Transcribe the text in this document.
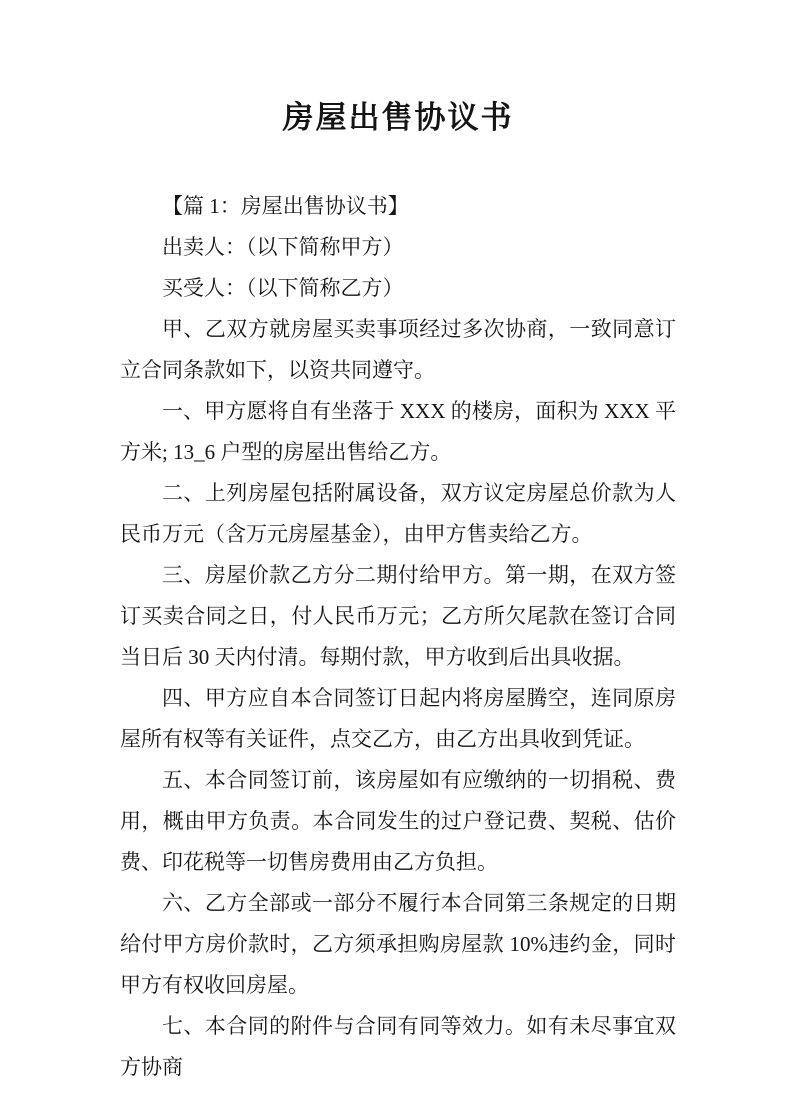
房屋出售协议书

【篇 1：房屋出售协议书】

出卖人：（以下简称甲方）

买受人：（以下简称乙方）

甲、乙双方就房屋买卖事项经过多次协商，一致同意订立合同条款如下，以资共同遵守。

一、甲方愿将自有坐落于 XXX 的楼房，面积为 XXX 平方米; 13_6 户型的房屋出售给乙方。

二、上列房屋包括附属设备，双方议定房屋总价款为人民币万元（含万元房屋基金），由甲方售卖给乙方。

三、房屋价款乙方分二期付给甲方。第一期，在双方签订买卖合同之日，付人民币万元；乙方所欠尾款在签订合同当日后 30 天内付清。每期付款，甲方收到后出具收据。

四、甲方应自本合同签订日起内将房屋腾空，连同原房屋所有权等有关证件，点交乙方，由乙方出具收到凭证。

五、本合同签订前，该房屋如有应缴纳的一切捐税、费用，概由甲方负责。本合同发生的过户登记费、契税、估价费、印花税等一切售房费用由乙方负担。

六、乙方全部或一部分不履行本合同第三条规定的日期给付甲方房价款时，乙方须承担购房屋款 10%违约金，同时甲方有权收回房屋。

七、本合同的附件与合同有同等效力。如有未尽事宜双方协商
